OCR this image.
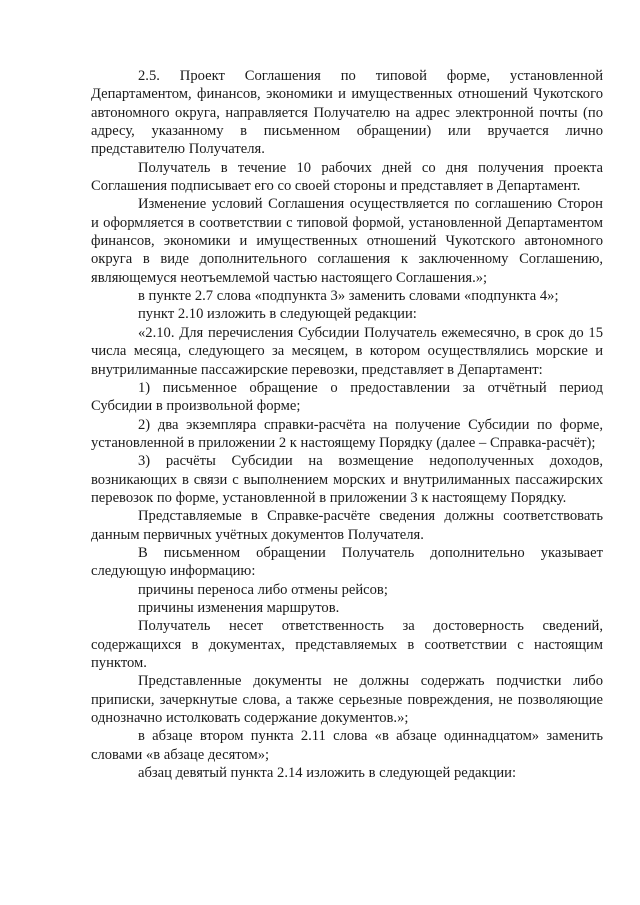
2.5. Проект Соглашения по типовой форме, установленной Департаментом, финансов, экономики и имущественных отношений Чукотского автономного округа, направляется Получателю на адрес электронной почты (по адресу, указанному в письменном обращении) или вручается лично представителю Получателя.

Получатель в течение 10 рабочих дней со дня получения проекта Соглашения подписывает его со своей стороны и представляет в Департамент.

Изменение условий Соглашения осуществляется по соглашению Сторон и оформляется в соответствии с типовой формой, установленной Департаментом финансов, экономики и имущественных отношений Чукотского автономного округа в виде дополнительного соглашения к заключенному Соглашению, являющемуся неотъемлемой частью настоящего Соглашения.»;

в пункте 2.7 слова «подпункта 3» заменить словами «подпункта 4»;

пункт 2.10 изложить в следующей редакции:

«2.10. Для перечисления Субсидии Получатель ежемесячно, в срок до 15 числа месяца, следующего за месяцем, в котором осуществлялись морские и внутрилиманные пассажирские перевозки, представляет в Департамент:

1) письменное обращение о предоставлении за отчётный период Субсидии в произвольной форме;

2) два экземпляра справки-расчёта на получение Субсидии по форме, установленной в приложении 2 к настоящему Порядку (далее – Справка-расчёт);

3) расчёты Субсидии на возмещение недополученных доходов, возникающих в связи с выполнением морских и внутрилиманных пассажирских перевозок по форме, установленной в приложении 3 к настоящему Порядку.

Представляемые в Справке-расчёте сведения должны соответствовать данным первичных учётных документов Получателя.

В письменном обращении Получатель дополнительно указывает следующую информацию:

причины переноса либо отмены рейсов;

причины изменения маршрутов.

Получатель несет ответственность за достоверность сведений, содержащихся в документах, представляемых в соответствии с настоящим пунктом.

Представленные документы не должны содержать подчистки либо приписки, зачеркнутые слова, а также серьезные повреждения, не позволяющие однозначно истолковать содержание документов.»;

в абзаце втором пункта 2.11 слова «в абзаце одиннадцатом» заменить словами «в абзаце десятом»;

абзац девятый пункта 2.14 изложить в следующей редакции:
